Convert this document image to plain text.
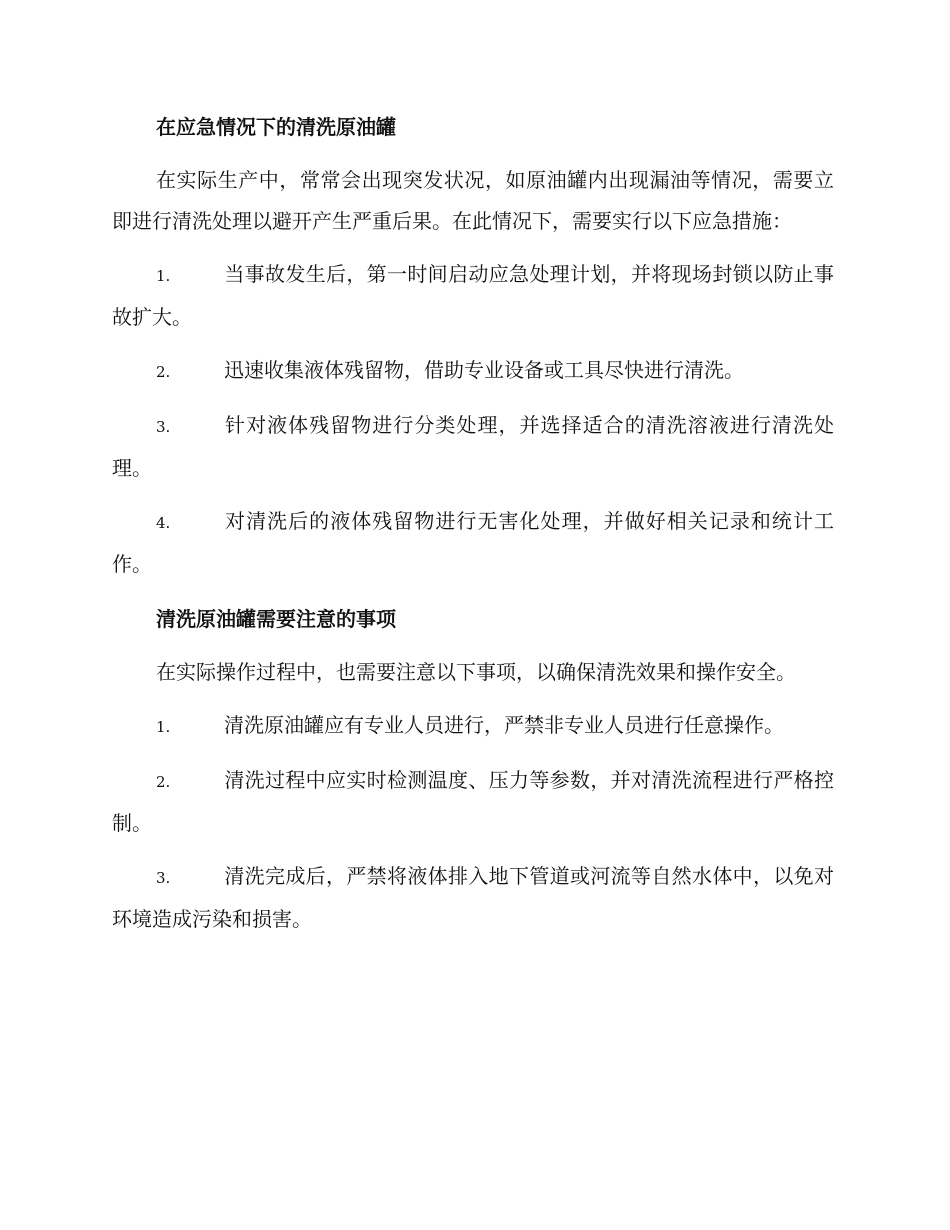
在应急情况下的清洗原油罐

在实际生产中，常常会出现突发状况，如原油罐内出现漏油等情况，需要立即进行清洗处理以避开产生严重后果。在此情况下，需要实行以下应急措施：

1.	当事故发生后，第一时间启动应急处理计划，并将现场封锁以防止事故扩大。

2.	迅速收集液体残留物，借助专业设备或工具尽快进行清洗。

3.	针对液体残留物进行分类处理，并选择适合的清洗溶液进行清洗处理。

4.	对清洗后的液体残留物进行无害化处理，并做好相关记录和统计工作。

清洗原油罐需要注意的事项

在实际操作过程中，也需要注意以下事项，以确保清洗效果和操作安全。

1.	清洗原油罐应有专业人员进行，严禁非专业人员进行任意操作。

2.	清洗过程中应实时检测温度、压力等参数，并对清洗流程进行严格控制。

3.	清洗完成后，严禁将液体排入地下管道或河流等自然水体中，以免对环境造成污染和损害。
